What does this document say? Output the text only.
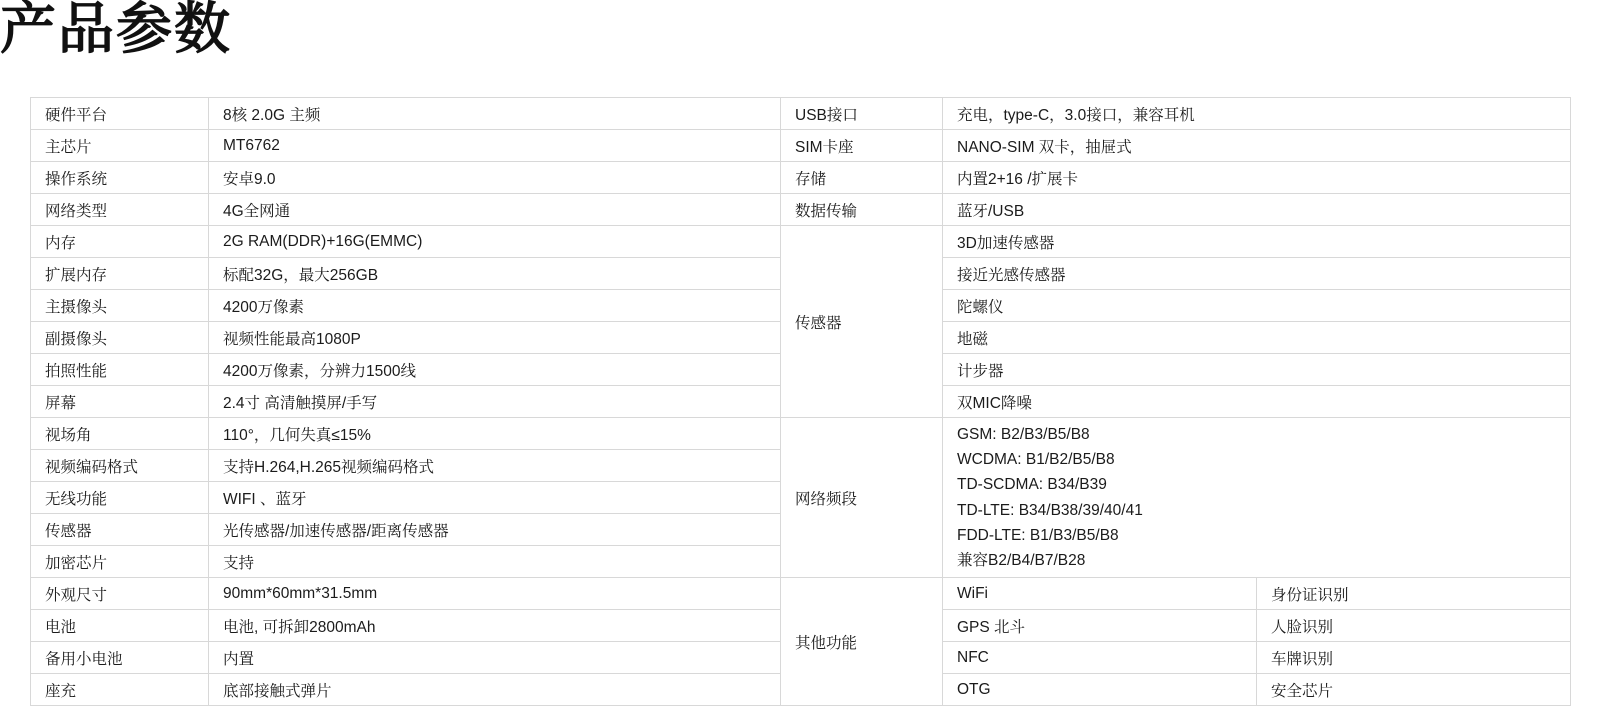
产品参数
硬件平台	8核 2.0G 主频	USB接口	充电，type-C，3.0接口，兼容耳机	
主芯片	MT6762	SIM卡座	NANO-SIM 双卡，抽屉式	
操作系统	安卓9.0	存储	内置2+16 /扩展卡	
网络类型	4G全网通	数据传输	蓝牙/USB	
内存	2G RAM(DDR)+16G(EMMC)	传感器	3D加速传感器	
扩展内存	标配32G，最大256GB		接近光感传感器	
主摄像头	4200万像素		陀螺仪	
副摄像头	视频性能最高1080P		地磁	
拍照性能	4200万像素，分辨力1500线		计步器	
屏幕	2.4寸 高清触摸屏/手写		双MIC降噪	
视场角	110°，几何失真≤15%	网络频段	
GSM: B2/B3/B5/B8
WCDMA: B1/B2/B5/B8
TD-SCDMA: B34/B39
TD-LTE: B34/B38/39/40/41
FDD-LTE: B1/B3/B5/B8
兼容B2/B4/B7/B28

视频编码格式	支持H.264,H.265视频编码格式			
无线功能	WIFI 、蓝牙			
传感器	光传感器/加速传感器/距离传感器			
加密芯片	支持			
外观尺寸	90mm*60mm*31.5mm	其他功能	WiFi	身份证识别
电池	电池, 可拆卸2800mAh		GPS 北斗	人脸识别
备用小电池	内置		NFC	车牌识别
座充	底部接触式弹片		OTG	安全芯片
